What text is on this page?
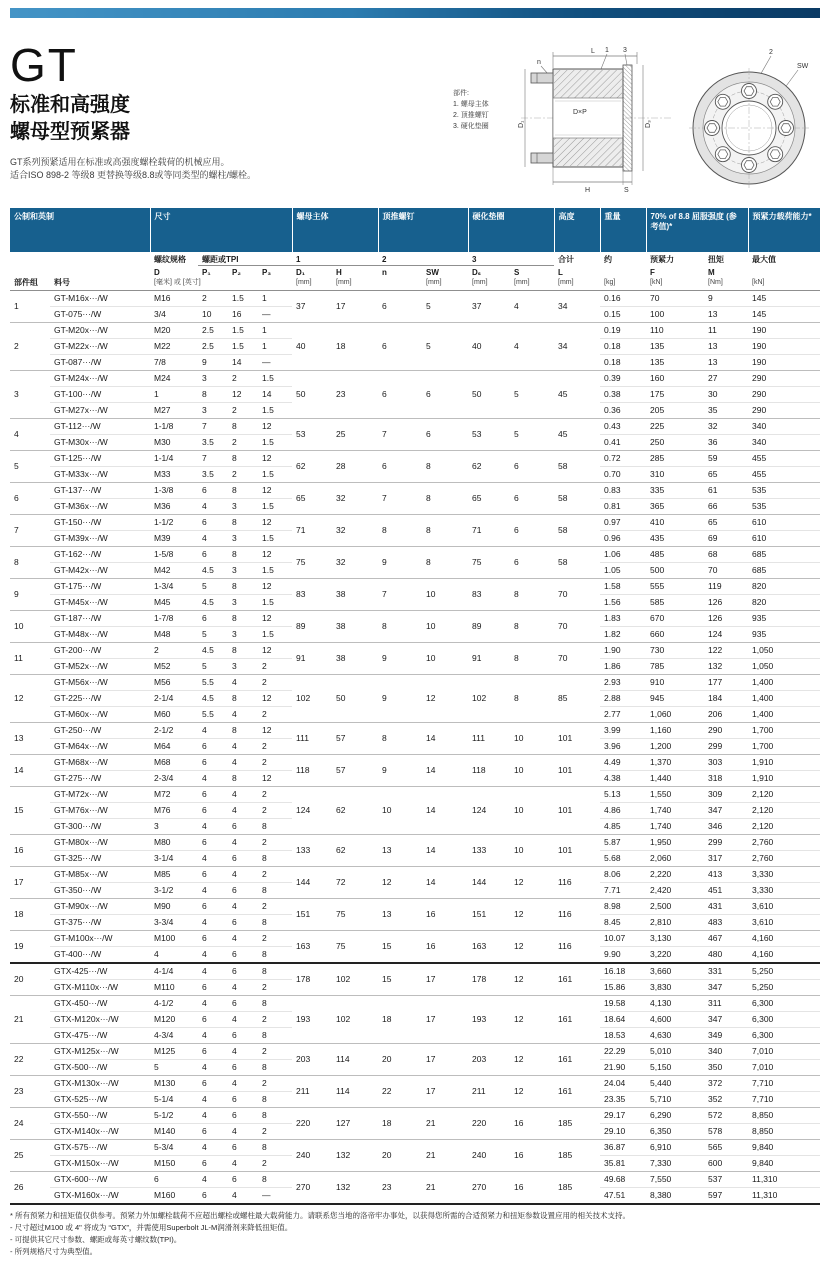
GT

标准和高强度

螺母型预紧器

GT系列预紧适用在标准或高强度螺栓载荷的机械应用。

适合ISO 898-2 等级8 更替换等级8.8或等同类型的螺柱/螺栓。

部件:
1. 螺母主体
2. 顶推螺钉
3. 硬化垫圈
L
n
1 3
D×P
D₁	D₃
H	S
2
SW
公制和英制		尺寸				螺母主体		顶推螺钉		硬化垫圈		高度	重量	70% of 8.8 屈服强度 (参考值)*		预紧力载荷能力*
		螺纹规格	螺距或TPI			1		2		3		合计	约	预紧力	扭矩	最大值
部件组	料号	D	P₁	P₂	P₃	D₁	H	n	SW	Dₛ	S	L		F	M	
		[毫米] 或 [英寸]				[mm]	[mm]		[mm]	[mm]	[mm]	[mm]	[kg]	[kN]	[Nm]	[kN]
1	GT-M16x···/W	M16	2	1.5	1	37	17	6	5	37	4	34	0.16	70	9	145
	GT-075···/W	3/4	10	16	—								0.15	100	13	145
2	GT-M20x···/W	M20	2.5	1.5	1	40	18	6	5	40	4	34	0.19	110	11	190
	GT-M22x···/W	M22	2.5	1.5	1								0.18	135	13	190
	GT-087···/W	7/8	9	14	—								0.18	135	13	190
3	GT-M24x···/W	M24	3	2	1.5	50	23	6	6	50	5	45	0.39	160	27	290
	GT-100···/W	1	8	12	14								0.38	175	30	290
	GT-M27x···/W	M27	3	2	1.5								0.36	205	35	290
4	GT-112···/W	1-1/8	7	8	12	53	25	7	6	53	5	45	0.43	225	32	340
	GT-M30x···/W	M30	3.5	2	1.5								0.41	250	36	340
5	GT-125···/W	1-1/4	7	8	12	62	28	6	8	62	6	58	0.72	285	59	455
	GT-M33x···/W	M33	3.5	2	1.5								0.70	310	65	455
6	GT-137···/W	1-3/8	6	8	12	65	32	7	8	65	6	58	0.83	335	61	535
	GT-M36x···/W	M36	4	3	1.5								0.81	365	66	535
7	GT-150···/W	1-1/2	6	8	12	71	32	8	8	71	6	58	0.97	410	65	610
	GT-M39x···/W	M39	4	3	1.5								0.96	435	69	610
8	GT-162···/W	1-5/8	6	8	12	75	32	9	8	75	6	58	1.06	485	68	685
	GT-M42x···/W	M42	4.5	3	1.5								1.05	500	70	685
9	GT-175···/W	1-3/4	5	8	12	83	38	7	10	83	8	70	1.58	555	119	820
	GT-M45x···/W	M45	4.5	3	1.5								1.56	585	126	820
10	GT-187···/W	1-7/8	6	8	12	89	38	8	10	89	8	70	1.83	670	126	935
	GT-M48x···/W	M48	5	3	1.5								1.82	660	124	935
11	GT-200···/W	2	4.5	8	12	91	38	9	10	91	8	70	1.90	730	122	1,050
	GT-M52x···/W	M52	5	3	2								1.86	785	132	1,050
12	GT-M56x···/W	M56	5.5	4	2	102	50	9	12	102	8	85	2.93	910	177	1,400
	GT-225···/W	2-1/4	4.5	8	12								2.88	945	184	1,400
	GT-M60x···/W	M60	5.5	4	2								2.77	1,060	206	1,400
13	GT-250···/W	2-1/2	4	8	12	111	57	8	14	111	10	101	3.99	1,160	290	1,700
	GT-M64x···/W	M64	6	4	2								3.96	1,200	299	1,700
14	GT-M68x···/W	M68	6	4	2	118	57	9	14	118	10	101	4.49	1,370	303	1,910
	GT-275···/W	2-3/4	4	8	12								4.38	1,440	318	1,910
15	GT-M72x···/W	M72	6	4	2	124	62	10	14	124	10	101	5.13	1,550	309	2,120
	GT-M76x···/W	M76	6	4	2								4.86	1,740	347	2,120
	GT-300···/W	3	4	6	8								4.85	1,740	346	2,120
16	GT-M80x···/W	M80	6	4	2	133	62	13	14	133	10	101	5.87	1,950	299	2,760
	GT-325···/W	3-1/4	4	6	8								5.68	2,060	317	2,760
17	GT-M85x···/W	M85	6	4	2	144	72	12	14	144	12	116	8.06	2,220	413	3,330
	GT-350···/W	3-1/2	4	6	8								7.71	2,420	451	3,330
18	GT-M90x···/W	M90	6	4	2	151	75	13	16	151	12	116	8.98	2,500	431	3,610
	GT-375···/W	3-3/4	4	6	8								8.45	2,810	483	3,610
19	GT-M100x···/W	M100	6	4	2	163	75	15	16	163	12	116	10.07	3,130	467	4,160
	GT-400···/W	4	4	6	8								9.90	3,220	480	4,160
20	GTX-425···/W	4-1/4	4	6	8	178	102	15	17	178	12	161	16.18	3,660	331	5,250
	GTX-M110x···/W	M110	6	4	2								15.86	3,830	347	5,250
21	GTX-450···/W	4-1/2	4	6	8	193	102	18	17	193	12	161	19.58	4,130	311	6,300
	GTX-M120x···/W	M120	6	4	2								18.64	4,600	347	6,300
	GTX-475···/W	4-3/4	4	6	8								18.53	4,630	349	6,300
22	GTX-M125x···/W	M125	6	4	2	203	114	20	17	203	12	161	22.29	5,010	340	7,010
	GTX-500···/W	5	4	6	8								21.90	5,150	350	7,010
23	GTX-M130x···/W	M130	6	4	2	211	114	22	17	211	12	161	24.04	5,440	372	7,710
	GTX-525···/W	5-1/4	4	6	8								23.35	5,710	352	7,710
24	GTX-550···/W	5-1/2	4	6	8	220	127	18	21	220	16	185	29.17	6,290	572	8,850
	GTX-M140x···/W	M140	6	4	2								29.10	6,350	578	8,850
25	GTX-575···/W	5-3/4	4	6	8	240	132	20	21	240	16	185	36.87	6,910	565	9,840
	GTX-M150x···/W	M150	6	4	2								35.81	7,330	600	9,840
26	GTX-600···/W	6	4	6	8	270	132	23	21	270	16	185	49.68	7,550	537	11,310
	GTX-M160x···/W	M160	6	4	—								47.51	8,380	597	11,310

* 所有预紧力和扭矩值仅供参考。预紧力外加螺栓载荷不应超出螺栓或螺柱最大载荷能力。请联系您当地的洛帝牢办事处，以获得您所需的合适预紧力和扭矩参数设置应用的相关技术支持。

- 尺寸超过M100 或 4" 将成为 “GTX”，并需使用Superbolt JL-M润滑剂来降低扭矩值。

- 可提供其它尺寸参数、螺距或每英寸螺纹数(TPI)。

- 所列规格尺寸为典型值。
